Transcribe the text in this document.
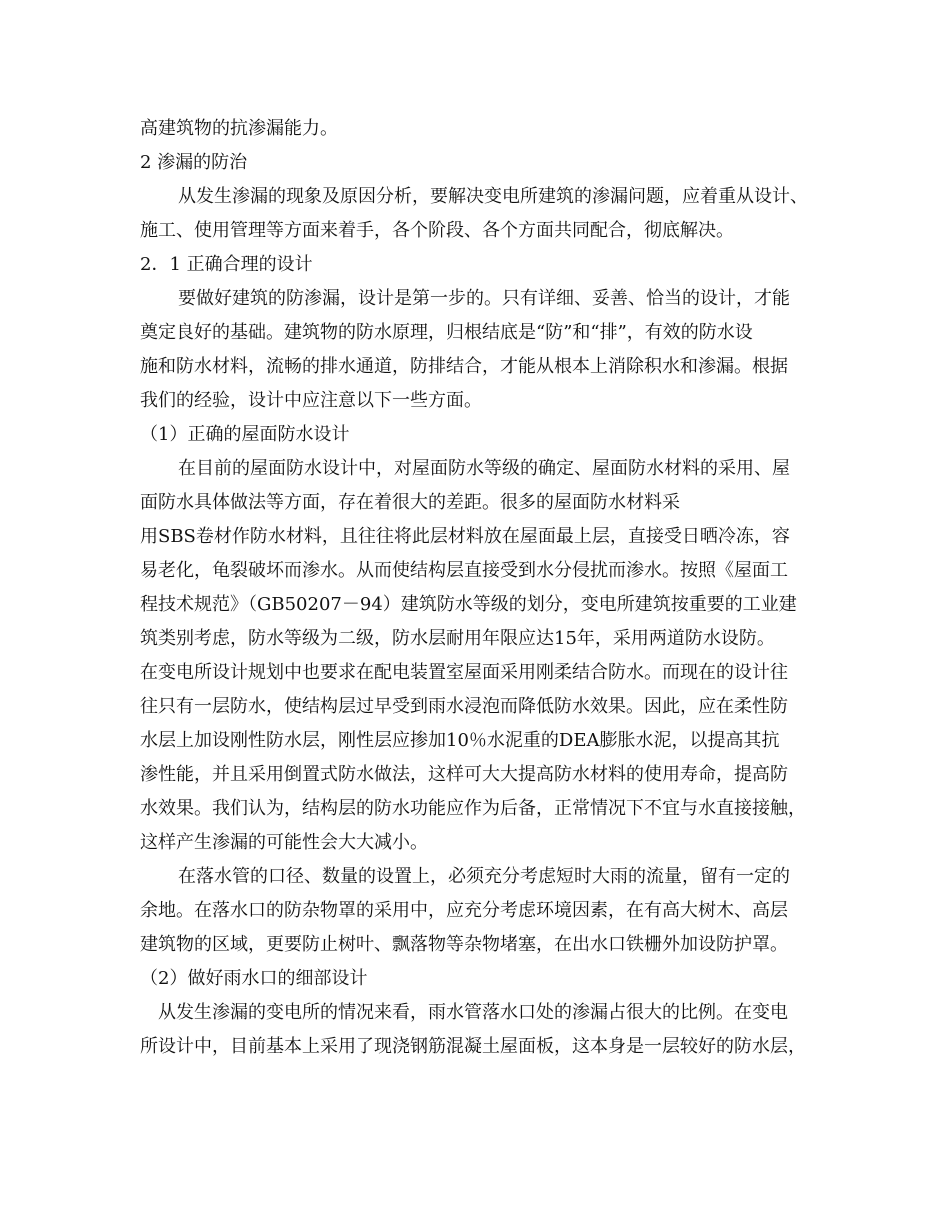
高建筑物的抗渗漏能力。
2 渗漏的防治
从发生渗漏的现象及原因分析，要解决变电所建筑的渗漏问题，应着重从设计、
施工、使用管理等方面来着手，各个阶段、各个方面共同配合，彻底解决。
2．1 正确合理的设计
要做好建筑的防渗漏，设计是第一步的。只有详细、妥善、恰当的设计，才能
奠定良好的基础。建筑物的防水原理，归根结底是“防”和“排”，有效的防水设
施和防水材料，流畅的排水通道，防排结合，才能从根本上消除积水和渗漏。根据
我们的经验，设计中应注意以下一些方面。
（1）正确的屋面防水设计
在目前的屋面防水设计中，对屋面防水等级的确定、屋面防水材料的采用、屋
面防水具体做法等方面，存在着很大的差距。很多的屋面防水材料采
用SBS卷材作防水材料，且往往将此层材料放在屋面最上层，直接受日晒冷冻，容
易老化，龟裂破坏而渗水。从而使结构层直接受到水分侵扰而渗水。按照《屋面工
程技术规范》（GB50207－94）建筑防水等级的划分，变电所建筑按重要的工业建
筑类别考虑，防水等级为二级，防水层耐用年限应达15年，采用两道防水设防。
在变电所设计规划中也要求在配电装置室屋面采用刚柔结合防水。而现在的设计往
往只有一层防水，使结构层过早受到雨水浸泡而降低防水效果。因此，应在柔性防
水层上加设刚性防水层，刚性层应掺加10％水泥重的DEA膨胀水泥，以提高其抗
渗性能，并且采用倒置式防水做法，这样可大大提高防水材料的使用寿命，提高防
水效果。我们认为，结构层的防水功能应作为后备，正常情况下不宜与水直接接触，
这样产生渗漏的可能性会大大减小。
在落水管的口径、数量的设置上，必须充分考虑短时大雨的流量，留有一定的
余地。在落水口的防杂物罩的采用中，应充分考虑环境因素，在有高大树木、高层
建筑物的区域，更要防止树叶、飘落物等杂物堵塞，在出水口铁栅外加设防护罩。
（2）做好雨水口的细部设计
从发生渗漏的变电所的情况来看，雨水管落水口处的渗漏占很大的比例。在变电
所设计中，目前基本上采用了现浇钢筋混凝土屋面板，这本身是一层较好的防水层，
